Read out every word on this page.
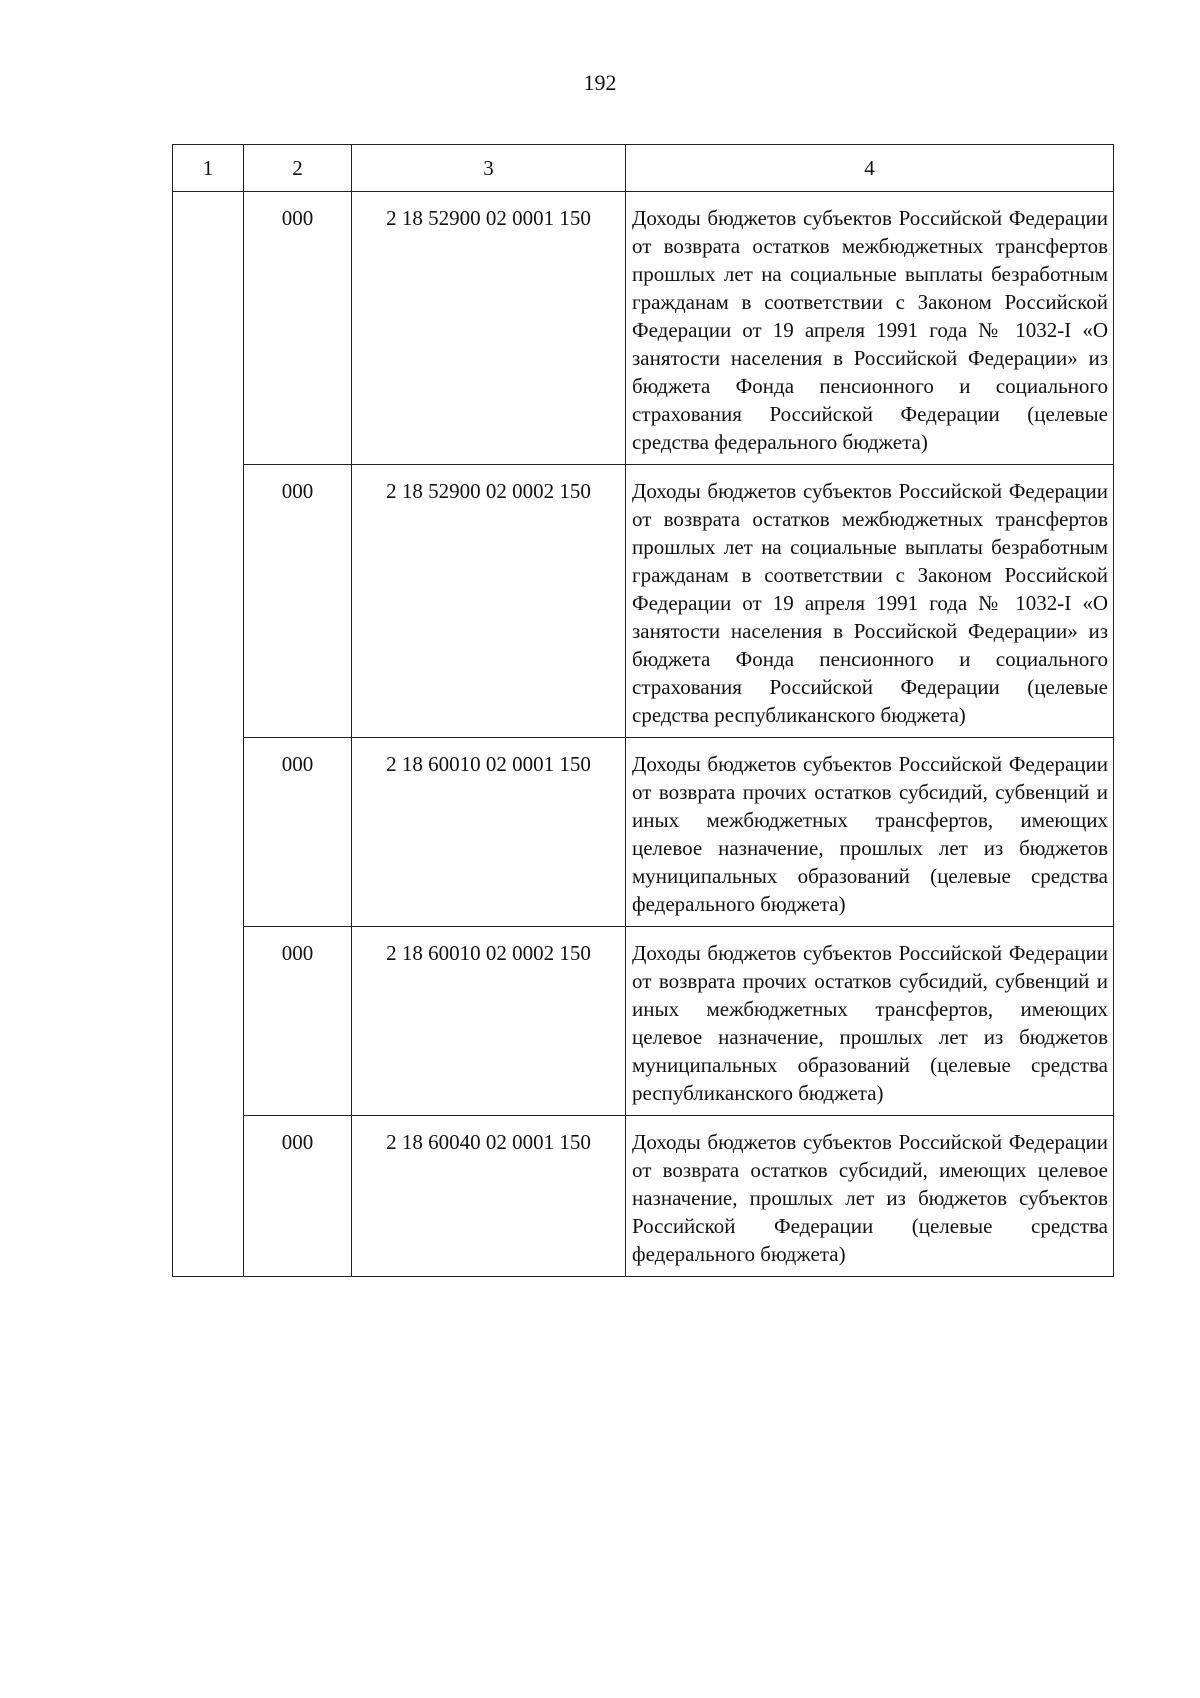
192
1	2	3	4
	000	2 18 52900 02 0001 150	Доходы бюджетов субъектов Российской Федерации от возврата остатков межбюджетных трансфертов прошлых лет на социальные выплаты безработным гражданам в соответствии с Законом Российской Федерации от 19 апреля 1991 года № 1032-I «О занятости населения в Российской Федерации» из бюджета Фонда пенсионного и социального страхования Российской Федерации (целевые средства федерального бюджета)
	000	2 18 52900 02 0002 150	Доходы бюджетов субъектов Российской Федерации от возврата остатков межбюджетных трансфертов прошлых лет на социальные выплаты безработным гражданам в соответствии с Законом Российской Федерации от 19 апреля 1991 года № 1032-I «О занятости населения в Российской Федерации» из бюджета Фонда пенсионного и социального страхования Российской Федерации (целевые средства республиканского бюджета)
	000	2 18 60010 02 0001 150	Доходы бюджетов субъектов Российской Федерации от возврата прочих остатков субсидий, субвенций и иных межбюджетных трансфертов, имеющих целевое назначение, прошлых лет из бюджетов муниципальных образований (целевые средства федерального бюджета)
	000	2 18 60010 02 0002 150	Доходы бюджетов субъектов Российской Федерации от возврата прочих остатков субсидий, субвенций и иных межбюджетных трансфертов, имеющих целевое назначение, прошлых лет из бюджетов муниципальных образований (целевые средства республиканского бюджета)
	000	2 18 60040 02 0001 150	Доходы бюджетов субъектов Российской Федерации от возврата остатков субсидий, имеющих целевое назначение, прошлых лет из бюджетов субъектов Российской Федерации (целевые средства федерального бюджета)
